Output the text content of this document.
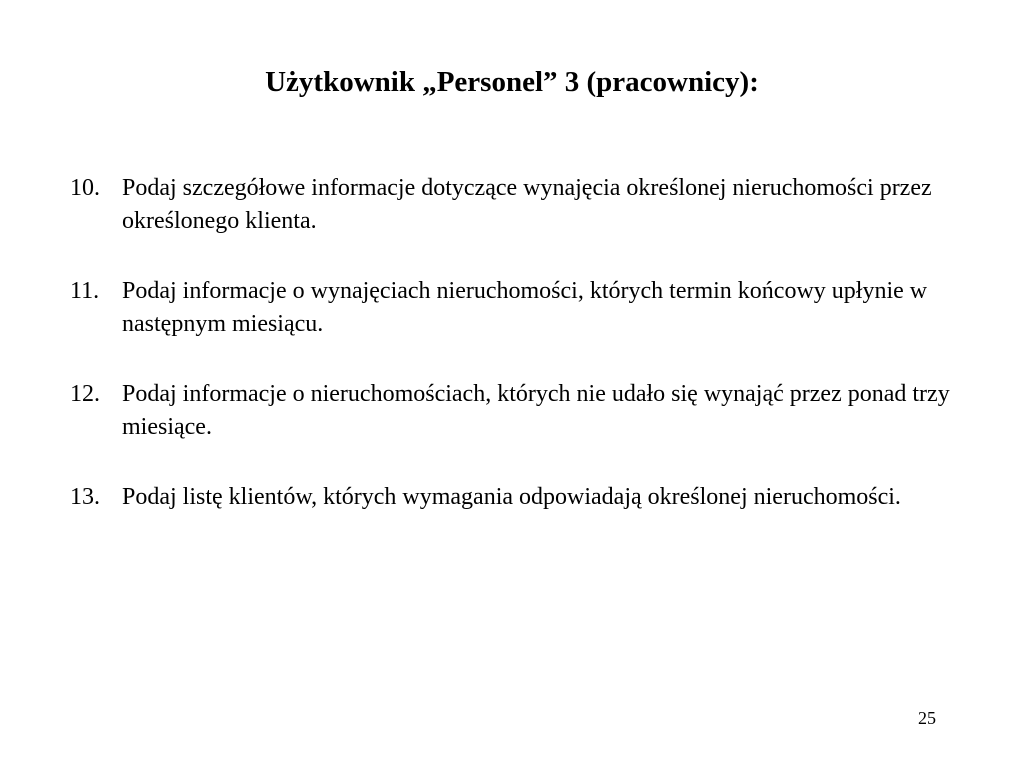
Użytkownik „Personel” 3 (pracownicy):
10. Podaj szczegółowe informacje dotyczące wynajęcia określonej nieruchomości przez określonego klienta.
11. Podaj informacje o wynajęciach nieruchomości, których termin końcowy upłynie w następnym miesiącu.
12. Podaj informacje o nieruchomościach, których nie udało się wynająć przez ponad trzy miesiące.
13. Podaj listę klientów, których wymagania odpowiadają określonej nieruchomości.
25
